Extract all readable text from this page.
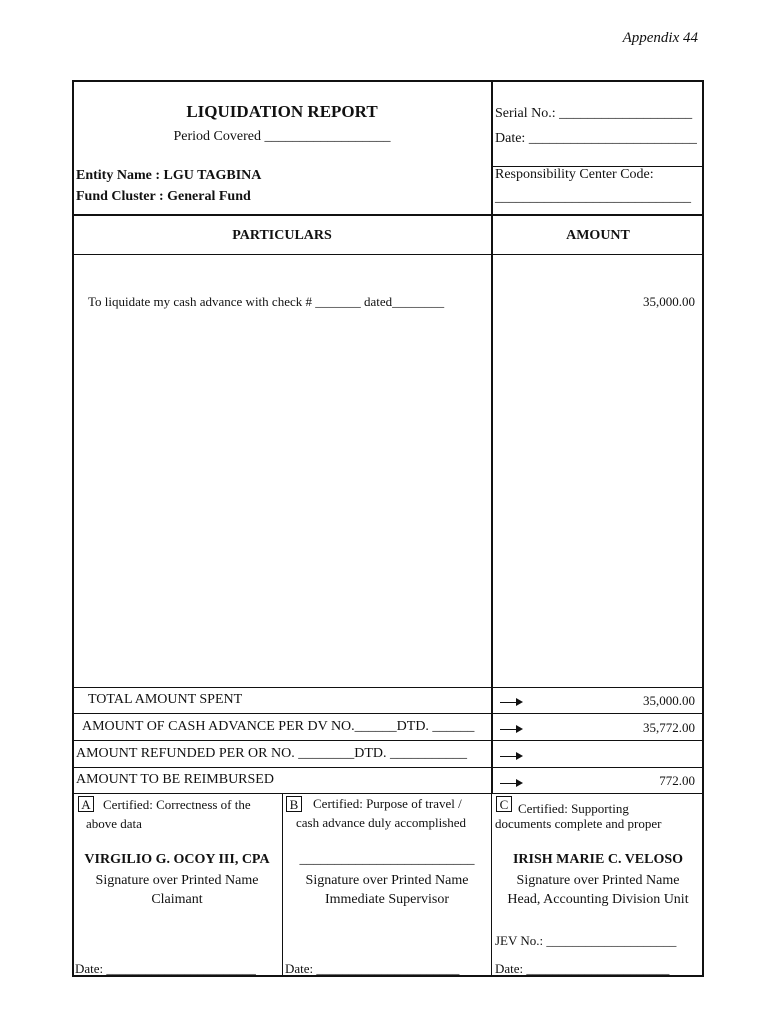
Appendix 44
LIQUIDATION REPORT
Period Covered __________________
Entity Name : LGU TAGBINA
Fund Cluster : General Fund
Serial No.: ___________________
Date: ________________________
Responsibility Center Code:
____________________________
PARTICULARS	AMOUNT
To liquidate my cash advance with check # _______ dated________	35,000.00
TOTAL AMOUNT SPENT	35,000.00
AMOUNT OF CASH ADVANCE PER DV NO.______DTD. ______	35,772.00
AMOUNT REFUNDED PER OR NO. ________DTD. ___________
AMOUNT TO BE REIMBURSED	772.00
A Certified: Correctness of the
above data
VIRGILIO G. OCOY III, CPA
Signature over Printed Name
Claimant
Date: _______________________
B Certified: Purpose of travel /
cash advance duly accomplished
_________________________
Signature over Printed Name
Immediate Supervisor
Date: ______________________
C Certified: Supporting
documents complete and proper
IRISH MARIE C. VELOSO
Signature over Printed Name
Head, Accounting Division Unit
JEV No.: ____________________
Date: ______________________
